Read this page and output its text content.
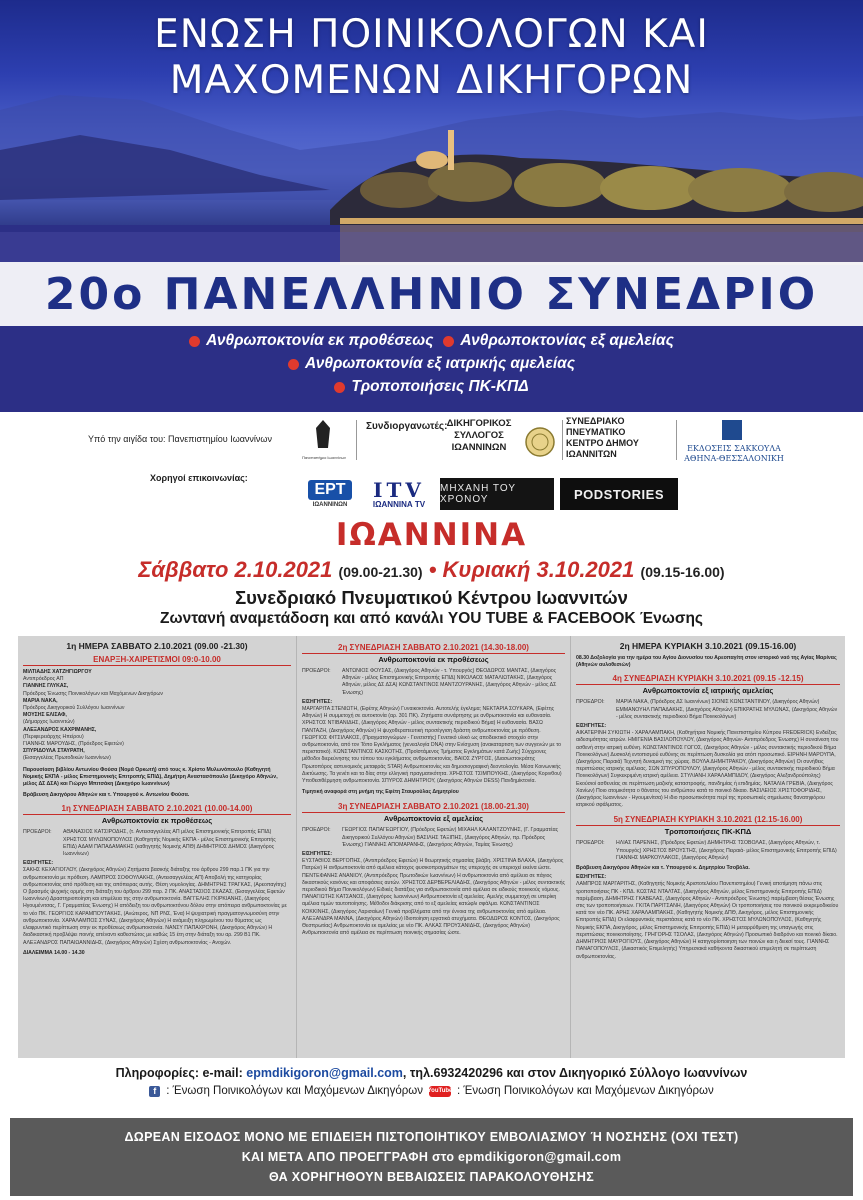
ΕΝΩΣΗ ΠΟΙΝΙΚΟΛΟΓΩΝ ΚΑΙ
ΜΑΧΟΜΕΝΩΝ ΔΙΚΗΓΟΡΩΝ
20ο ΠΑΝΕΛΛΗΝΙΟ ΣΥΝΕΔΡΙΟ
Ανθρωποκτονία εκ προθέσεως Ανθρωποκτονίας εξ αμελείας
Ανθρωποκτονία εξ ιατρικής αμελείας
Τροποποιήσεις ΠΚ-ΚΠΔ
Υπό την αιγίδα του: Πανεπιστημίου Ιωαννίνων
Πανεπιστήμιο Ιωαννίνων
Συνδιοργανωτές: ΔΙΚΗΓΟΡΙΚΟΣ
ΣΥΛΛΟΓΟΣ
ΙΩΑΝΝΙΝΩΝ
ΣΥΝΕΔΡΙΑΚΟ
ΠΝΕΥΜΑΤΙΚΟ
ΚΕΝΤΡΟ ΔΗΜΟΥ
ΙΩΑΝΝΙΤΩΝ
ΕΚΔΟΣΕΙΣ ΣΑΚΚΟΥΛΑ
ΑΘΗΝΑ-ΘΕΣΣΑΛΟΝΙΚΗ
Χορηγοί επικοινωνίας:
ΕΡΤ
ΙΩΑΝΝΙΝΩΝ
ITV
ΙΩΑΝΝΙΝΑ TV
ΜΗΧΑΝΗ ΤΟΥ ΧΡΟΝΟΥ	PODSTORIES
ΙΩΑΝΝΙΝΑ
Σάββατο 2.10.2021 (09.00-21.30) • Κυριακή 3.10.2021 (09.15-16.00)
Συνεδριακό Πνευματικού Κέντρου Ιωαννιτών
Ζωντανή αναμετάδοση και από κανάλι YOU TUBE & FACEBOOK Ένωσης
1η ΗΜΕΡΑ ΣΑΒΒΑΤΟ 2.10.2021 (09.00 -21.30)
ΕΝΑΡΞΗ-ΧΑΙΡΕΤΙΣΜΟΙ 09:0-10.00
ΜΙΛΤΙΑΔΗΣ ΧΑΤΖΗΓΙΩΡΓΟΥ
Αντιπρόεδρος ΑΠ
ΓΙΑΝΝΗΣ ΓΛΥΚΑΣ,
Πρόεδρος Ένωσης Ποινικολόγων και Μαχόμενων Δικηγόρων
ΜΑΡΙΑ ΝΑΚΑ,
Πρόεδρος Δικηγορικού Συλλόγου Ιωαννίνων
ΜΟΥΣΗΣ ΕΛΙΣΑΦ,
(Δήμαρχος Ιωαννιτών)
ΑΛΕΞΑΝΔΡΟΣ ΚΑΧΡΙΜΑΝΗΣ,
(Περιφερειάρχης Ηπείρου)
ΓΙΑΝΝΗΣ ΜΑΡΟΥΔΗΣ, (Πρόεδρος Εφετών)
ΣΠΥΡΙΔΟΥΛΑ ΣΤΑΥΡΑΤΗ,
(Εισαγγελέας Πρωτοδικών Ιωαννίνων)
Παρουσίαση βιβλίου Αντωνίου Φούσα (Νομά Ορκωτή) από τους κ. Χρίστο Μυλωνόπουλο (Καθηγητή Νομικής ΕΚΠΑ - μέλος Επιστημονικής Επιτροπής ΕΠΙΔ), Δημήτρη Αναστασόπουλο (Δικηγόρο Αθηνών, μέλος ΔΣ ΔΣΑ) και Γιώργο Μπιτσάκη (Δικηγόρο Ιωαννίνων)
Βράβευση Δικηγόρου Αθηνών και τ. Υπουργού κ. Αντωνίου Φούσα.
1η ΣΥΝΕΔΡΙΑΣΗ ΣΑΒΒΑΤΟ 2.10.2021 (10.00-14.00)
Ανθρωποκτονία εκ προθέσεως
ΠΡΟΕΔΡΟΙ:	ΑΘΑΝΑΣΙΟΣ ΚΑΤΣΙΡΟΔΗΣ, (τ. Αντεισαγγελέας ΑΠ μέλος Επιστημονικής Επιτροπής ΕΠΙΔ) ΧΡΗΣΤΟΣ ΜΥΛΩΝΟΠΟΥΛΟΣ (Καθηγητής Νομικής ΕΚΠΑ - μέλος Επιστημονικής Επιτροπής ΕΠΙΔ) ΑΔΑΜ ΠΑΠΑΔΑΜΑΚΗΣ (καθηγητής Νομικής ΑΠΘ) ΔΗΜΗΤΡΙΟΣ ΔΗΜΟΣ (Δικηγόρος Ιωαννίνων)
ΕΙΣΗΓΗΤΕΣ:
ΣΑΚΗΣ ΚΕΧΑΓΙΟΓΛΟΥ, (Δικηγόρος Αθηνών) Ζητήματα βασικής διάταξης του άρθρου 299 παρ.1 ΠΚ για την ανθρωποκτονία με πρόθεση. ΛΑΜΠΡΟΣ ΣΟΦΟΥΛΑΚΗΣ, (Αντεισαγγελέας ΑΠ) Αποβολή της κατηγορίας ανθρωποκτονίας από πρόθεση και της απόπειρας αυτής. Θέση νομολογίας. ΔΗΜΗΤΡΗΣ ΤΡΑΓΚΑΣ, (Αρεοπαγίτης) Ο βρασμός ψυχικής ορμής στη διάταξη του άρθρου 299 παρ. 2 ΠΚ. ΑΝΑΣΤΑΣΙΟΣ ΣΚΑΖΑΣ, (Εισαγγελέας Εφετών Ιωαννίνων) Δραστηριοποίηση και επιμέλεια της στην ανθρωποκτονία. ΒΑΓΓΕΛΗΣ ΓΚΙΡΚΙΑΝΗΣ, (Δικηγόρος Ηγουμένιτσας, Γ. Γραμματέας Ένωσης) Η απόδειξη του ανθρωποκτόνου δόλου στην απόπειρα ανθρωποκτονίας με το νέο ΠΚ. ΓΕΩΡΓΙΟΣ ΚΑΡΑΜΠΟΥΤΑΚΗΣ, (Ανώτερος, ΝΠ ΡΝΣ, Ένα) Η ψυχιατρική πραγματογνωμοσύνη στην ανθρωποκτονία. ΧΑΡΑΛΑΜΠΟΣ ΣΥΝΑΣ, (Δικηγόρος Αθηνών) Η ανάμειξη πληρωμένου του θύματος ως ελαφρυντικό περίπτωση στην εκ προθέσεως ανθρωποκτονία. ΝΑΝΣΥ ΠΑΠΑΧΡΟΝΗ, (Δικηγόρος Αθηνών) Η διαδικαστική προβλέψει ποινής απέναντι καθεστώτος με καθώς 15 έτη στην διάταξη του αρ. 299 Β1 ΠΚ. ΑΛΕΞΑΝΔΡΟΣ ΠΑΠΑΙΩΑΝΝΙΔΗΣ, (Δικηγόρος Αθηνών) Σχέση ανθρωποκτονίας - Ανοχών.
ΔΙΑΛΕΙΜΜΑ 14.00 - 14.30
2η ΣΥΝΕΔΡΙΑΣΗ ΣΑΒΒΑΤΟ 2.10.2021 (14.30-18.00)
Ανθρωποκτονία εκ προθέσεως
ΠΡΟΕΔΡΟΙ:	ΑΝΤΩΝΙΟΣ ΦΟΥΣΑΣ, (Δικηγόρος Αθηνών - τ. Υπουργός) ΘΕΟΔΩΡΟΣ ΜΑΝΤΑΣ, (Δικηγόρος Αθηνών - μέλος Επιστημονικής Επιτροπής ΕΠΙΔ) ΝΙΚΟΛΑΟΣ ΜΑΤΑΛΙΩΤΑΚΗΣ, (Δικηγόρος Αθηνών, μέλος ΔΣ ΔΣΑ) ΚΩΝΣΤΑΝΤΙΝΟΣ ΜΑΝΤΖΟΥΡΑΝΗΣ, (Δικηγόρος Αθηνών - μέλος ΔΣ Ένωσης)
ΕΙΣΗΓΗΤΕΣ:
ΜΑΡΓΑΡΙΤΑ ΣΤΕΝΙΩΤΗ, (Εφέτης Αθηνών) Γυναικοκτονία. Αυτοτελής έγκλημα; ΝΕΚΤΑΡΙΑ ΣΟΥΚΑΡΑ, (Εφέτης Αθηνών) Η συμμετοχή σε αυτοκτονία (αρ. 301 ΠΚ). Ζητήματα συνάρτησης με ανθρωποκτονία και ευθανασία. ΧΡΗΣΤΟΣ ΝΤΙΒΑΝΙΔΗΣ, (Δικηγόρος Αθηνών - μέλος συντακτικής περιοδικού Βήμα) Η ευθανασία. ΒΑΣΩ ΠΑΝΤΑΖΗ, (Δικηγόρος Αθηνών) Η ψυχοθεραπευτική προσέγγιση δράστη ανθρωποκτονίας με πρόθεση. ΓΕΩΡΓΙΟΣ ΦΙΤΣΙΛΑΚΟΣ, (Πραγματογνώμων - Γενετιστής) Γενετικό υλικό ως αποδεικτικό στοιχείο στην ανθρωποκτονία, από τον Τόπο Εγκλήματος (γενεαλογία DNA) στην Ενίσχυση (ανακαταρτιση των συγγενών με το περιστατικό). ΚΩΝΣΤΑΝΤΙΝΟΣ ΚΑΣΚΟΤΗΣ, (Προϊστάμενος Τμήματος Εγκλημάτων κατά Ζωής) Σύγχρονες μέθοδοι διερεύνησης του τύπου του εγκλήματος ανθρωποκτονίας. ΒΑΙΟΣ ΖΥΡΓΟΣ, (Διασωστοκράτης Πρωτοπόρος αστυνομικός μεταφράς STAR) Ανθρωποκτονίες και δημοσιογραφική δεοντολογία. Μέσα Κοινωνικής Δικτύωσης. Τα γενέτι και τα δίας στην ελληνική πραγματικότητα. ΧΡΗΣΤΟΣ ΤΣΙΜΠΟΥΚΗΣ, (Δικηγόρος Κορινθου) Υποθεσιθέρμηση ανθρωποκτονία. ΣΠΥΡΟΣ ΔΗΜΗΤΡΙΟΥ, (Δικηγόρος Αθηνών DESS) Πανδημίκτονία.
Τιμητική αναφορά στη μνήμη της Εφέτη Σταυρούλας Δημητρίου
3η ΣΥΝΕΔΡΙΑΣΗ ΣΑΒΒΑΤΟ 2.10.2021 (18.00-21.30)
Ανθρωποκτονία εξ αμελείας
ΠΡΟΕΔΡΟΙ:	ΓΕΩΡΓΙΟΣ ΠΑΠΑΓΕΩΡΓΙΟΥ, (Πρόεδρος Εφετών) ΜΙΧΑΗΛ ΚΑΛΑΝΤΖΟΥΝΗΣ, (Γ. Γραμματέας Δικηγορικού Συλλόγου Αθηνών) ΒΑΣΙΛΗΣ ΤΑΞΙΠΗΣ, (Δικηγόρος Αθηνών, πρ. Πρόεδρος Ένωσης) ΓΙΑΝΝΗΣ ΑΠΟΜΑΡΑΝΗΣ, (Δικηγόρος Αθηνών, Ταμίας Ένωσης)
ΕΙΣΗΓΗΤΕΣ:
ΕΥΣΤΑΘΙΟΣ ΒΕΡΓΟΠΗΣ, (Αντιπρόεδρος Εφετών) Η θεωρητικής σημασίας βλάβη. ΧΡΙΣΤΙΝΑ ΒΛΑΧΑ, (Δικηγόρος Πατρών) Η ανθρωποκτονία από αμέλεια κάτοχος φυσικοπραγμάτων της υπεροχής σε υπεριοχεί εκείνα ώστε. ΠΕΝΤΕΦΑΝΗΣ ΑΝΑΝΙΟΥ, (Αντιπρόεδρος Πρωτοδικών Ιωαννίνων) Η ανθρωποκτονία από αμέλεια σε πάγιος δικαστικούς κανόνες και αποφάσεις αυτών. ΧΡΗΣΤΟΣ ΔΕΡΒΕΡΕΛΙΑΔΗΣ, (Δικηγόρος Αθηνών - μέλος συντακτικής περιοδικού Βήμα Ποινικολόγων) Ειδικές διατάξεις για ανθρωποκτονία από αμέλεια σε ειδικούς ποινικούς νόμους. ΠΑΝΑΓΙΩΤΗΣ ΚΑΤΣΑΝΟΣ, (Δικηγόρος Ιωαννίνων) Ανθρωποκτονία εξ αμελείας. Αμελής συμμετοχή σε υπερίκη αμέλεια τιμών ταυτοποίησης. Μέθοδοι διάκρισης από το εξ αμελείας κατώφλι σφάλμα. ΚΩΝΣΤΑΝΤΙΝΟΣ ΚΟΚΚΙΝΗΣ, (Δικηγόρος Λαρισαίων) Γενικά προβλήματα από την έννοια της ανθρωποκτονίας από αμέλεια. ΑΛΕΞΑΝΔΡΑ ΜΑΝΝΑ, (Δικηγόρος Αθηνών) Ιδιοποίηση εργατικά ατυχήματα. ΘΕΟΔΩΡΟΣ ΚΟΝΤΟΣ, (Δικηγόρος Θεσπρωτίας) Ανθρωποκτονία εκ αμελείας με νέο ΠΚ. ΑΛΚΑΣ ΠΡΟΥΣΑΝΙΔΗΣ, (Δικηγόρος Αθηνών) Ανθρωποκτονία από αμέλεια σε περίπτωση ποινικής σημασίας ώστε.
2η ΗΜΕΡΑ ΚΥΡΙΑΚΗ 3.10.2021 (09.15-16.00)
08.30 Δοξολογία για την ημέρα του Αγίου Διονυσίου του Αρεοπαγίτη στον ιστορικό ναό της Αγίας Μαρίνας (Αθηνών αυλοθεσιών)
4η ΣΥΝΕΔΡΙΑΣΗ ΚΥΡΙΑΚΗ 3.10.2021 (09.15 -12.15)
Ανθρωποκτονία εξ ιατρικής αμελείας
ΠΡΟΕΔΡΟΙ:	ΜΑΡΙΑ ΝΑΚΑ, (Πρόεδρος ΔΣ Ιωαννίνων) ΣΙΟΝΙΣ ΚΩΝΣΤΑΝΤΙΝΟΥ, (Δικηγόρος Αθηνών) ΕΜΜΑΝΟΥΗΛ ΠΑΠΑΔΑΚΗΣ, (Δικηγόρος Αθηνών) ΕΠΙΚΡΑΤΗΣ ΜΥΛΩΝΑΣ, (Δικηγόρος Αθηνών - μέλος συντακτικής περιοδικού Βήμα Ποινικολόγων)
ΕΙΣΗΓΗΤΕΣ:
ΑΙΚΑΤΕΡΙΝΗ ΣΥΚΙΩΤΗ - ΧΑΡΑΛΑΜΠΑΚΗ, (Καθηγήτρια Νομικής Πανεπιστημίου Κύπρου FREDERICK) Ενδείξεις αιδεσιμότητας ιατρών. ΗΜΙΓΕΝΙΑ ΒΑΣΙΛΟΠΟΥΛΟΥ, (Δικηγόρος Αθηνών- Αντιπρόεδρος Ένωσης) Η συναίνεση του ασθενή στην ιατρική ευθύνη. ΚΩΝΣΤΑΝΤΙΝΟΣ ΓΩΓΟΣ, (Δικηγόρος Αθηνών - μέλος συντακτικής περιοδικού Βήμα Ποινικολόγων) Δυσκολή εντοπισμού ευθύνης σε περίπτωση δυσκολία για ατόπ προσωπικό. ΕΙΡΗΝΗ ΜΑΡΟΥΠΑ, (Δικηγόρος Πειραιά) Τεχνητή δυναμική της χώρας. ΒΟΥΛΑ ΔΗΜΗΤΡΑΚΟΥ, (Δικηγόρος Αθηνών) Οι συνήθεις περιπτώσεις ιατρικής αμέλειας. ΣΩΝ ΣΠΥΡΟΠΟΥΛΟΥ, (Δικηγόρος Αθηνών - μέλος συντακτικής περιοδικού Βήμα Ποινικολόγων) Συγκεκριμένη ιατρική αμέλεια. ΣΤΥΛΙΑΝΗ ΧΑΡΑΛΑΜΠΙΔΟΥ, (Δικηγόρος Αλεξανδρούπολης) Εκούσιοί ασθενείας σε περίπτωση μαζικής καταστροφής, πανδημίας ή επιδημίας. ΝΑΤΑΛΙΑ ΓΡΕΒΙΑ, (Δικηγόρος Χανίων) Ποιο ατομικότητα ο θάνατος του ανθρώπου κατά το ποινικό δίκαιο. ΒΑΣΙΛΕΙΟΣ ΧΡΙΣΤΟΦΟΡΙΔΗΣ, (Δικηγόρος Ιωαννίνων - Ηγουμενίτσα) Η ιδιο προσωπικότητα περί της προσωπικές σημείωσες θανατηφόρου ιατρικού σφάλματος.
5η ΣΥΝΕΔΡΙΑΣΗ ΚΥΡΙΑΚΗ 3.10.2021 (12.15-16.00)
Τροποποιήσεις ΠΚ-ΚΠΔ
ΠΡΟΕΔΡΟΙ:	ΗΛΙΑΣ ΠΑΡΕΝΗΣ, (Πρόεδρος Εφετών) ΔΗΜΗΤΡΗΣ ΤΣΟΒΟΛΑΣ, (Δικηγόρος Αθηνών, τ. Υπουργός) ΧΡΗΣΤΟΣ ΒΡΟΥΣΤΗΣ, (Δικηγόρος Πειραιά- μέλος Επιστημονικής Επιτροπής ΕΠΙΔ) ΓΙΑΝΝΗΣ ΜΑΡΚΟΥΛΑΚΟΣ, (Δικηγόρος Αθηνών)
Βράβευση Δικηγόρου Αθηνών και τ. Υπουργού κ. Δημητρίου Τσοβόλα.
ΕΙΣΗΓΗΤΕΣ:
ΛΑΜΠΡΟΣ ΜΑΡΓΑΡΙΤΗΣ, (Καθηγητής Νομικής Αριστοτελείου Πανεπιστημίου) Γενική αποτίμηση πάνω στις τροποποιήσεις ΠΚ - ΚΠΔ. ΚΩΣΤΑΣ ΝΤΑΛΤΑΣ, (Δικηγόρος Αθηνών, μέλος Επιστημονικής Επιτροπής ΕΠΙΔ) παρέμβαση. ΔΗΜΗΤΡΗΣ ΓΚΑΒΕΛΑΣ, (Δικηγόρος Αθηνών - Αντιπρόεδρος Ένωσης) παρέμβαση θέσεις Ένωσης στις των τροποποιήσεων. ΓΚΙΤΑ ΠΑΡΙΤΣΑΝΗ, (Δικηγόρος Αθηνών) Οι τροποποιήσεις του ποινικού εκκρεμοδικείου κατά τον νέο ΠΚ. ΑΡΗΣ ΧΑΡΑΛΑΜΠΑΚΗΣ, (Καθηγητής Νομικής ΔΠΘ, Δικηγόρος, μέλος Επιστημονικής Επιτροπής ΕΠΙΔ) Οι ελαφρυντικές περιστάσεις κατά το νέο ΠΚ. ΧΡΗΣΤΟΣ ΜΥΛΩΝΟΠΟΥΛΟΣ, (Καθηγητής Νομικής ΕΚΠΑ, Δικηγόρος, μέλος Επιστημονικής Επιτροπής ΕΠΙΔ) Η μεταρρύθμιση της υπαγωγής στις περιπτώσεις ποινικοποίησης. ΓΡΗΓΟΡΗΣ ΤΣΟΛΑΣ, (Δικηγόρος Αθηνών) Προσωπικό διαδρόνο και ποινικό δίκαιο. ΔΗΜΗΤΡΙΟΣ ΜΑΥΡΟΓΙΟΥΣ, (Δικηγόρος Αθηνών) Η κατηγορίοποιηση των ποινών και η διεκσί τους. ΓΙΑΝΝΗΣ ΠΑΝΑΓΟΠΟΥΛΟΣ, (Δικαστικός Επιμελητής) Υπηρεσιακά καθήκοντα δικαστικού επιμελητή σε περίπτωση ανθρωποκτονίας.
Πληροφορίες: e-mail: epmdikigoron@gmail.com, τηλ.6932420296 και στον Δικηγορικό Σύλλογο Ιωαννίνων
f : Ένωση Ποινικολόγων και Μαχόμενων Δικηγόρων YouTube : Ένωση Ποινικολόγων και Μαχόμενων Δικηγόρων
ΔΩΡΕΑΝ ΕΙΣΟΔΟΣ ΜΟΝΟ ΜΕ ΕΠΙΔΕΙΞΗ ΠΙΣΤΟΠΟΙΗΤΙΚΟΥ ΕΜΒΟΛΙΑΣΜΟΥ Ή ΝΟΣΗΣΗΣ (ΟΧΙ ΤΕΣΤ)
ΚΑΙ ΜΕΤΑ ΑΠΟ ΠΡΟΕΓΓΡΑΦΗ στο epmdikigoron@gmail.com
ΘΑ ΧΟΡΗΓΗΘΟΥΝ ΒΕΒΑΙΩΣΕΙΣ ΠΑΡΑΚΟΛΟΥΘΗΣΗΣ
